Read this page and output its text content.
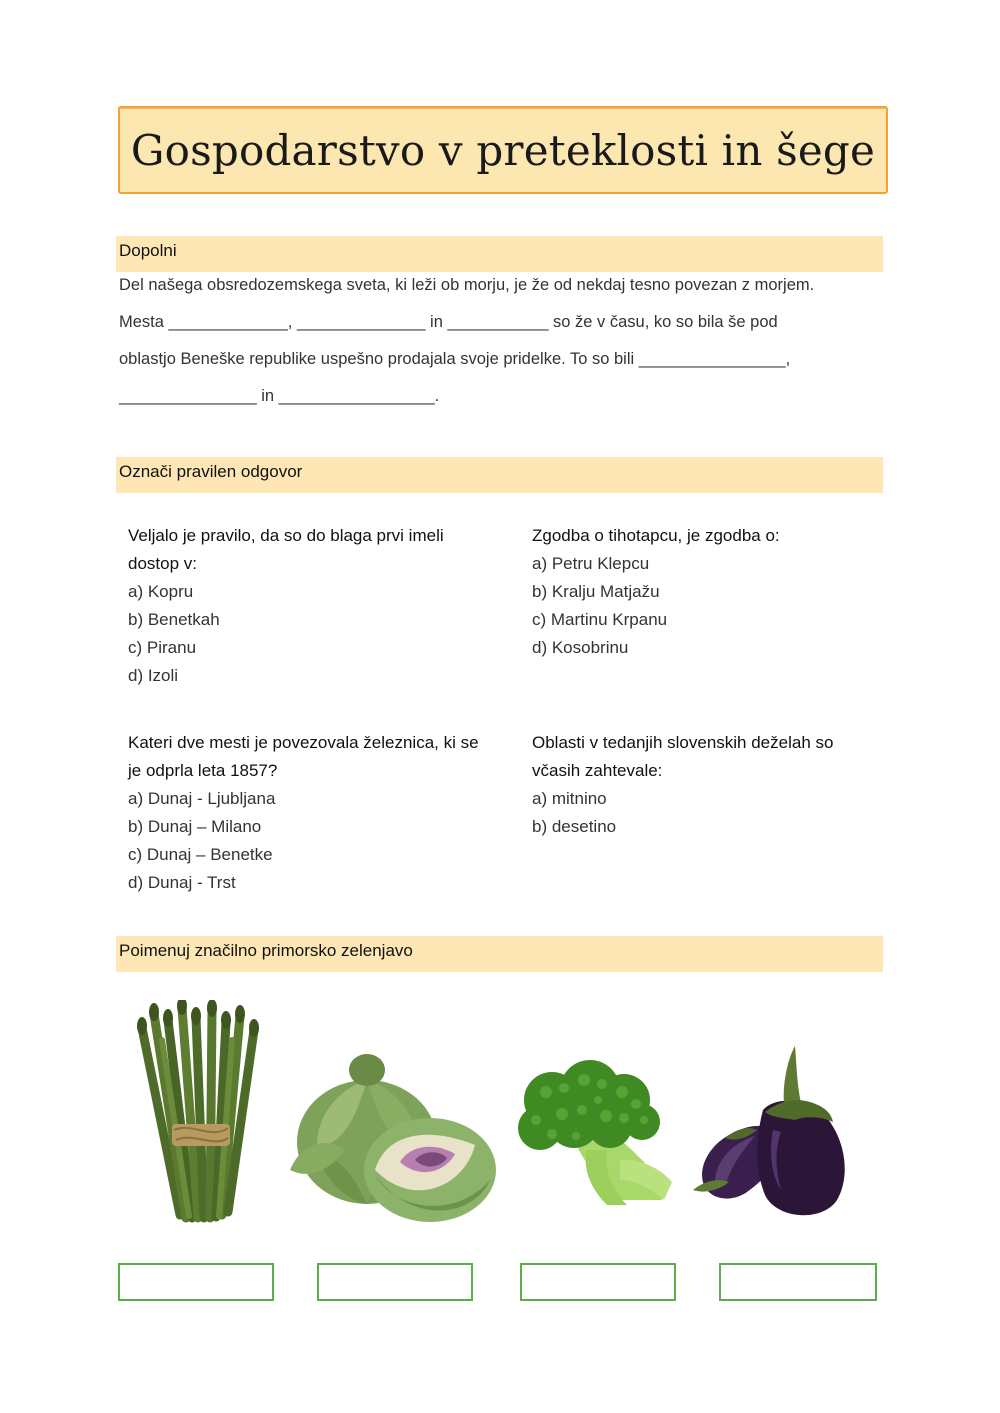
Gospodarstvo v preteklosti in šege
Dopolni
Del našega obsredozemskega sveta, ki leži ob morju, je že od nekdaj tesno povezan z morjem.
Mesta _____________, ______________ in ___________ so že v času, ko so bila še pod
oblastjo Beneške republike uspešno prodajala svoje pridelke. To so bili ________________,
_______________ in _________________.
Označi pravilen odgovor
Veljalo je pravilo, da so do blaga prvi imeli
dostop v:
a) Kopru
b) Benetkah
c) Piranu
d) Izoli
Zgodba o tihotapcu, je zgodba o:
a) Petru Klepcu
b) Kralju Matjažu
c) Martinu Krpanu
d) Kosobrinu
Kateri dve mesti je povezovala železnica, ki se
je odprla leta 1857?
a) Dunaj - Ljubljana
b) Dunaj – Milano
c) Dunaj – Benetke
d) Dunaj - Trst
Oblasti v tedanjih slovenskih deželah so
včasih zahtevale:
a) mitnino
b) desetino
Poimenuj značilno primorsko zelenjavo
